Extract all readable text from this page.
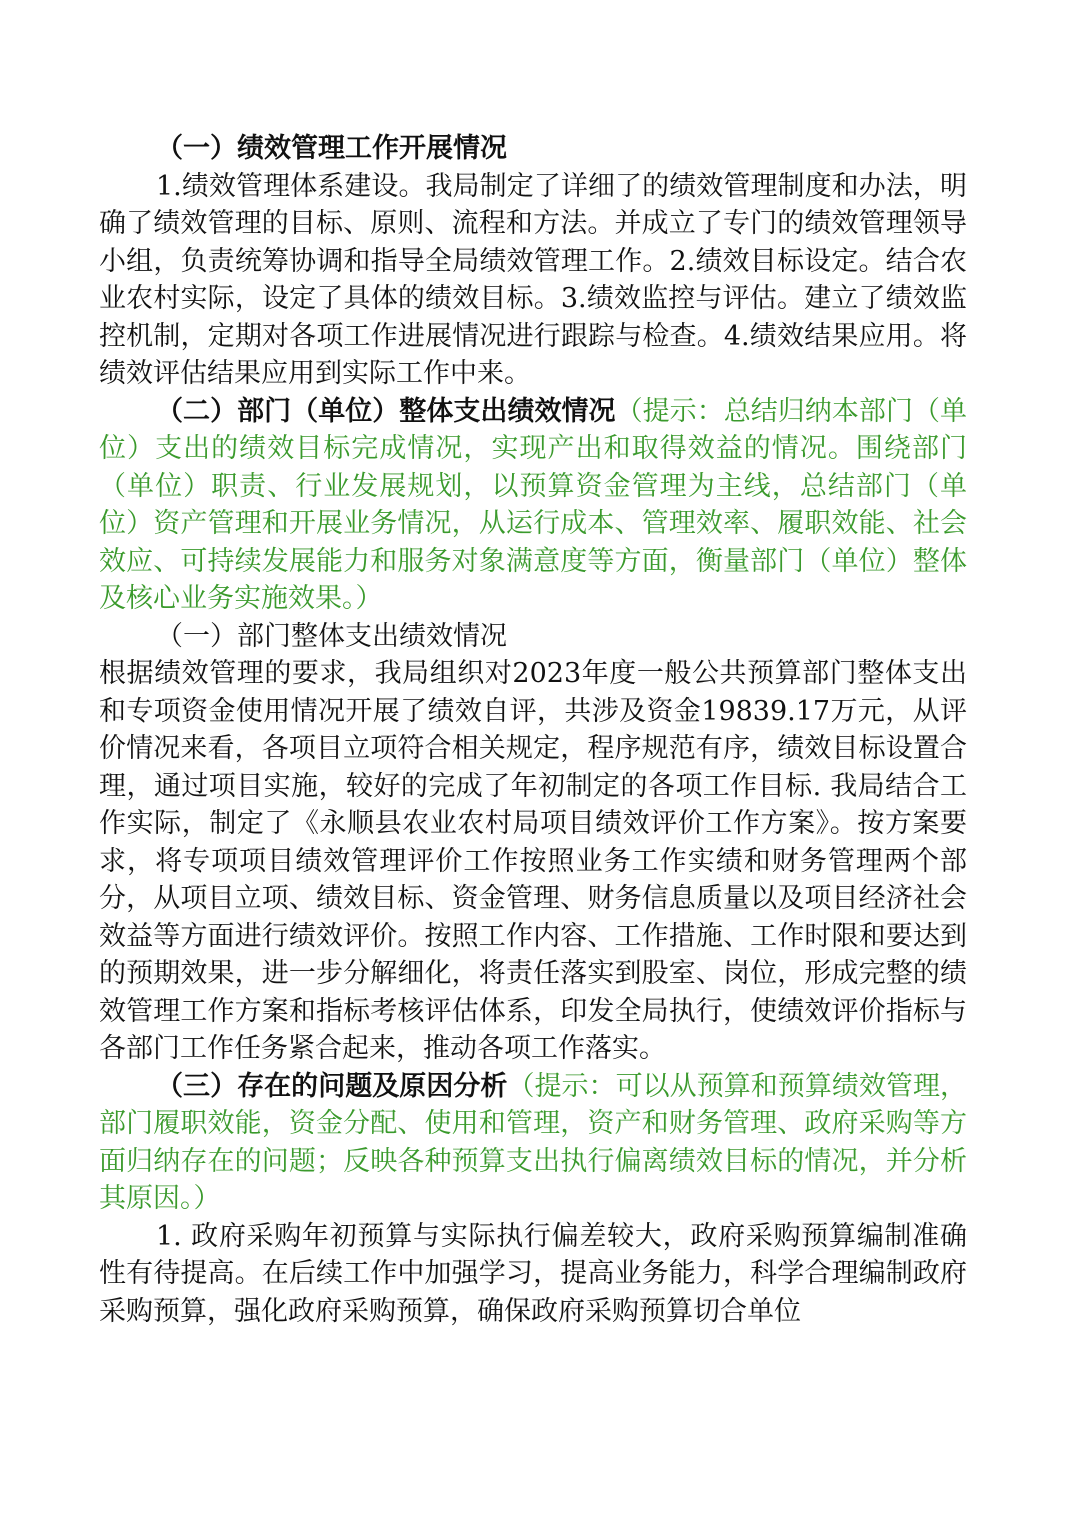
（一）绩效管理工作开展情况

1.绩效管理体系建设。我局制定了详细了的绩效管理制度和办法，明确了绩效管理的目标、原则、流程和方法。并成立了专门的绩效管理领导小组，负责统筹协调和指导全局绩效管理工作。2.绩效目标设定。结合农业农村实际，设定了具体的绩效目标。3.绩效监控与评估。建立了绩效监控机制，定期对各项工作进展情况进行跟踪与检查。4.绩效结果应用。将绩效评估结果应用到实际工作中来。

（二）部门（单位）整体支出绩效情况（提示：总结归纳本部门（单位）支出的绩效目标完成情况，实现产出和取得效益的情况。围绕部门（单位）职责、行业发展规划，以预算资金管理为主线，总结部门（单位）资产管理和开展业务情况，从运行成本、管理效率、履职效能、社会效应、可持续发展能力和服务对象满意度等方面，衡量部门（单位）整体及核心业务实施效果。）

（一）部门整体支出绩效情况

根据绩效管理的要求，我局组织对2023年度一般公共预算部门整体支出和专项资金使用情况开展了绩效自评，共涉及资金19839.17万元，从评价情况来看，各项目立项符合相关规定，程序规范有序，绩效目标设置合理，通过项目实施，较好的完成了年初制定的各项工作目标. 我局结合工作实际，制定了《永顺县农业农村局项目绩效评价工作方案》。按方案要求，将专项项目绩效管理评价工作按照业务工作实绩和财务管理两个部分，从项目立项、绩效目标、资金管理、财务信息质量以及项目经济社会效益等方面进行绩效评价。按照工作内容、工作措施、工作时限和要达到的预期效果，进一步分解细化，将责任落实到股室、岗位，形成完整的绩效管理工作方案和指标考核评估体系，印发全局执行，使绩效评价指标与各部门工作任务紧合起来，推动各项工作落实。

（三）存在的问题及原因分析（提示：可以从预算和预算绩效管理，部门履职效能，资金分配、使用和管理，资产和财务管理、政府采购等方面归纳存在的问题；反映各种预算支出执行偏离绩效目标的情况，并分析其原因。）

1. 政府采购年初预算与实际执行偏差较大，政府采购预算编制准确性有待提高。在后续工作中加强学习，提高业务能力，科学合理编制政府采购预算，强化政府采购预算，确保政府采购预算切合单位
